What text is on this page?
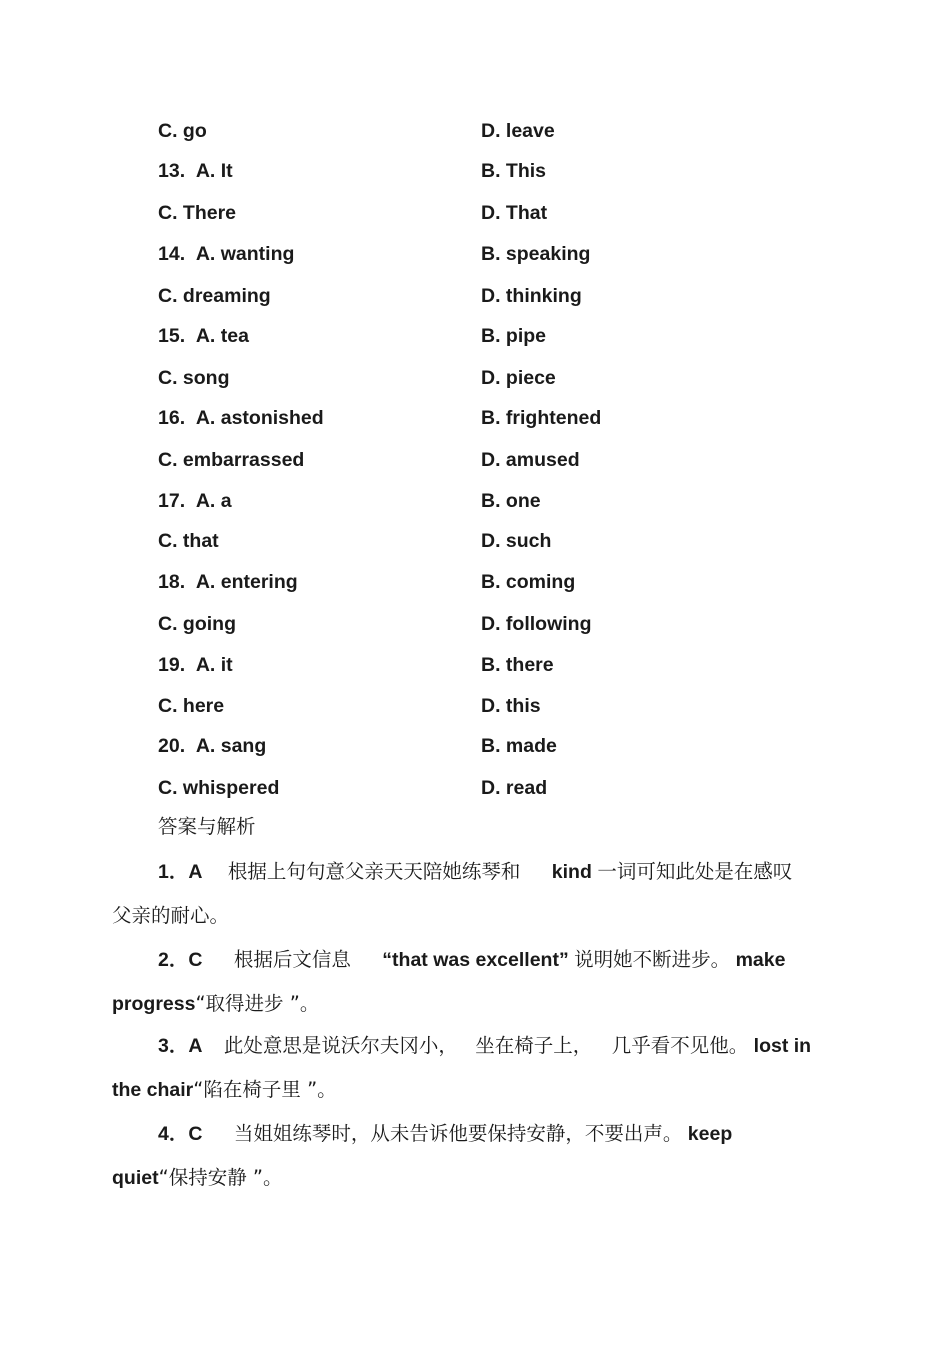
C. go	D. leave
13. A. It	B. This
C. There	D. That
14. A. wanting	B. speaking
C. dreaming	D. thinking
15. A. tea	B. pipe
C. song	D. piece
16. A. astonished	B. frightened
C. embarrassed	D. amused
17. A. a	B. one
C. that	D. such
18. A. entering	B. coming
C. going	D. following
19. A. it	B. there
C. here	D. this
20. A. sang	B. made
C. whispered	D. read
答案与解析
1．A 根据上句句意父亲天天陪她练琴和 kind 一词可知此处是在感叹
父亲的耐心。
2．C 根据后文信息 “that was excellent” 说明她不断进步。 make
progress“取得进步 ”。
3．A 此处意思是说沃尔夫冈小， 坐在椅子上， 几乎看不见他。 lost in
the chair“陷在椅子里 ”。
4．C 当姐姐练琴时，从未告诉他要保持安静，不要出声。 keep
quiet“保持安静 ”。
